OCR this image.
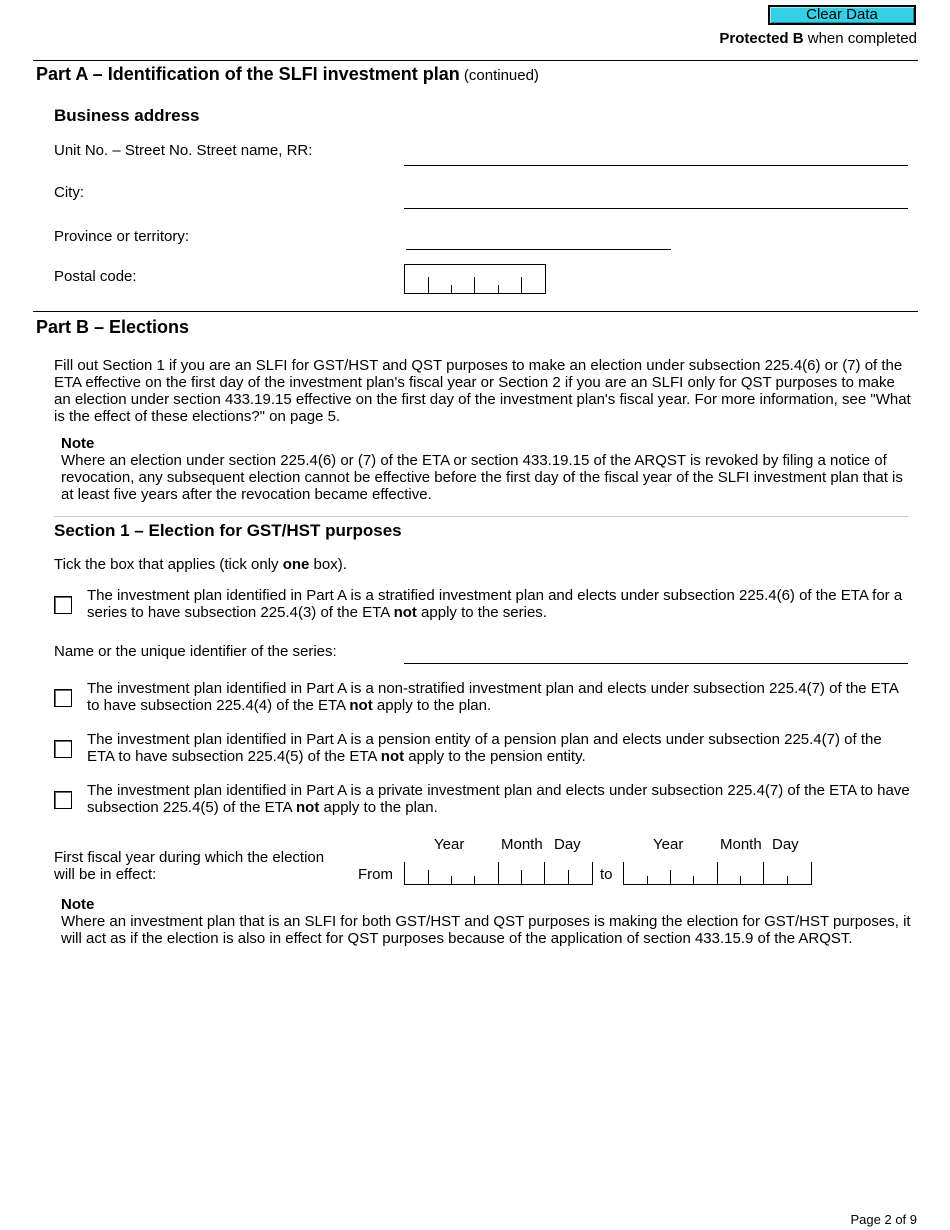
Clear Data
Protected B when completed
Part A – Identification of the SLFI investment plan (continued)
Business address
Unit No. – Street No. Street name, RR:
City:
Province or territory:
Postal code:
Part B – Elections
Fill out Section 1 if you are an SLFI for GST/HST and QST purposes to make an election under subsection 225.4(6) or (7) of the ETA effective on the first day of the investment plan's fiscal year or Section 2 if you are an SLFI only for QST purposes to make an election under section 433.19.15 effective on the first day of the investment plan's fiscal year. For more information, see "What is the effect of these elections?" on page 5.
Note
Where an election under section 225.4(6) or (7) of the ETA or section 433.19.15 of the ARQST is revoked by filing a notice of revocation, any subsequent election cannot be effective before the first day of the fiscal year of the SLFI investment plan that is at least five years after the revocation became effective.
Section 1 – Election for GST/HST purposes
Tick the box that applies (tick only one box).
The investment plan identified in Part A is a stratified investment plan and elects under subsection 225.4(6) of the ETA for a series to have subsection 225.4(3) of the ETA not apply to the series.
Name or the unique identifier of the series:
The investment plan identified in Part A is a non-stratified investment plan and elects under subsection 225.4(7) of the ETA to have subsection 225.4(4) of the ETA not apply to the plan.
The investment plan identified in Part A is a pension entity of a pension plan and elects under subsection 225.4(7) of the ETA to have subsection 225.4(5) of the ETA not apply to the pension entity.
The investment plan identified in Part A is a private investment plan and elects under subsection 225.4(7) of the ETA to have subsection 225.4(5) of the ETA not apply to the plan.
Year Month Day	Year Month Day
First fiscal year during which the election
will be in effect:	From	to
Note
Where an investment plan that is an SLFI for both GST/HST and QST purposes is making the election for GST/HST purposes, it will act as if the election is also in effect for QST purposes because of the application of section 433.15.9 of the ARQST.
Page 2 of 9
